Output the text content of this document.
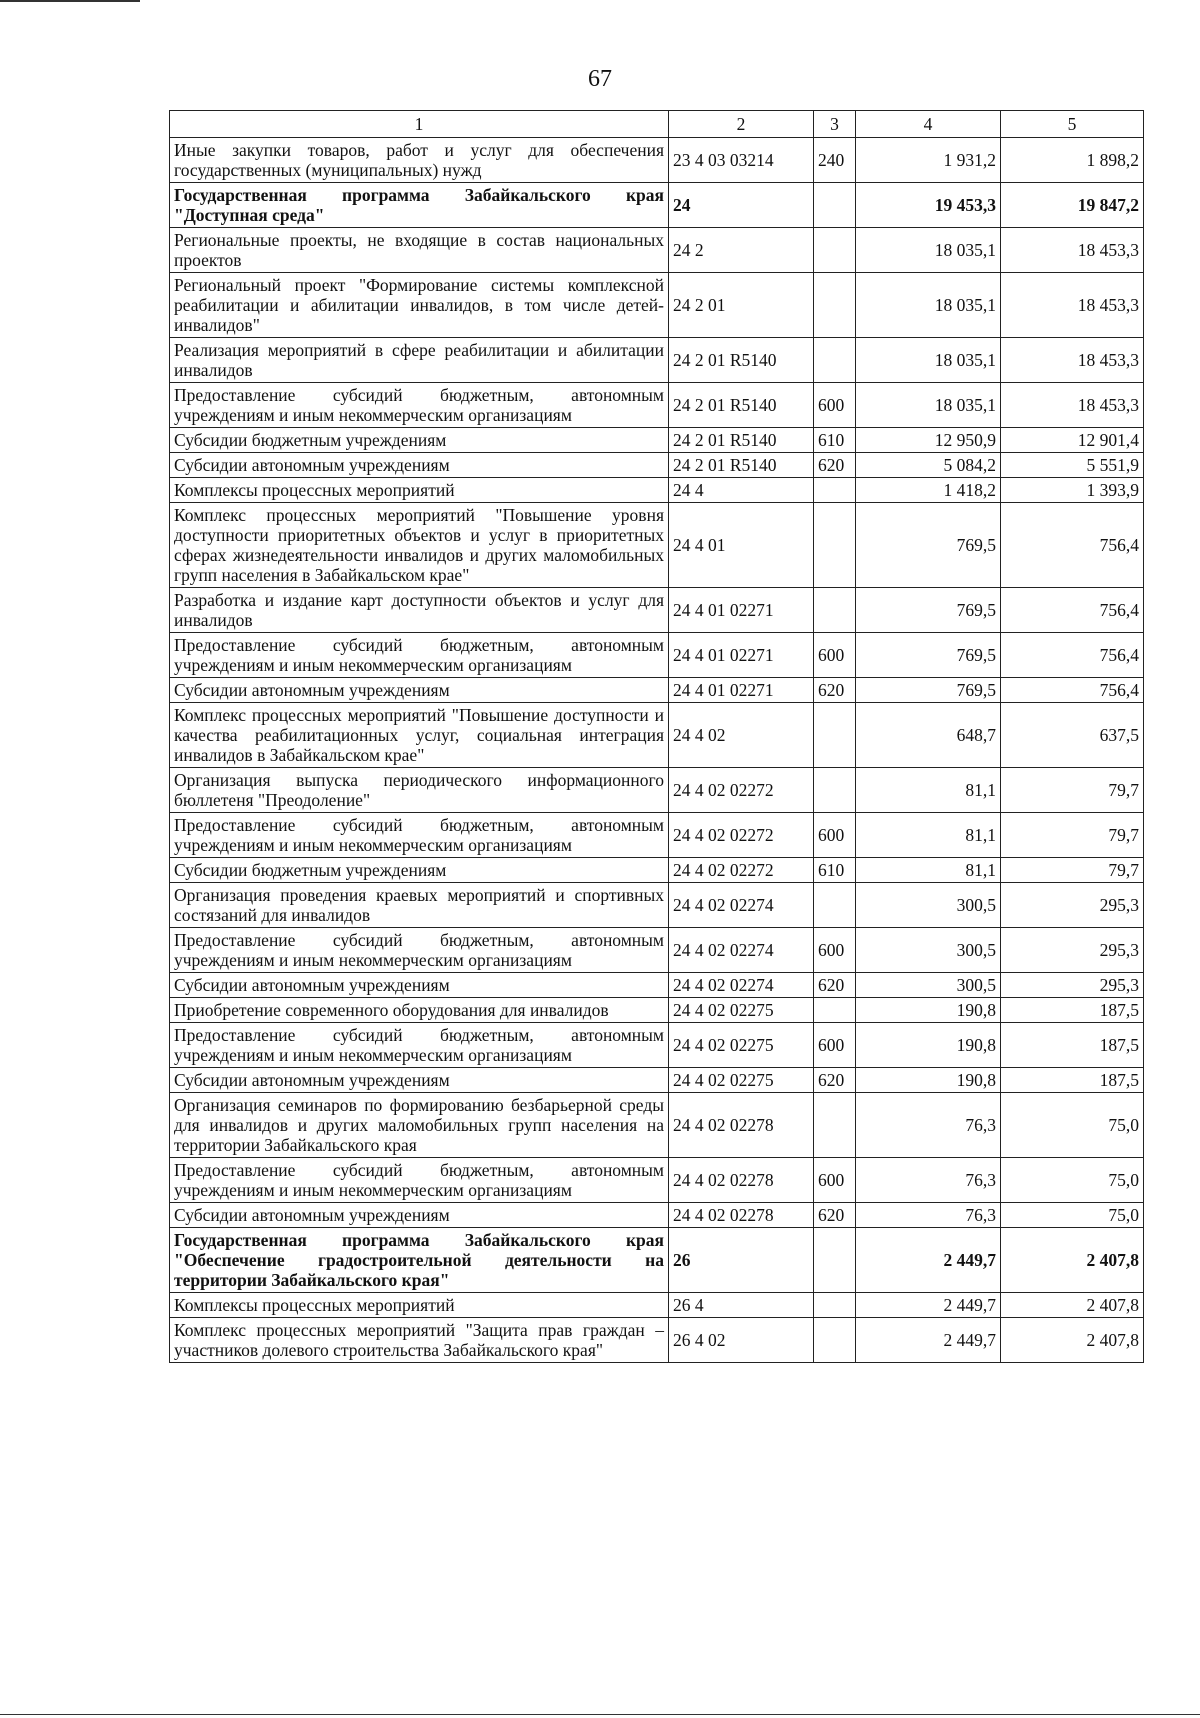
67
1	2	3	4	5
Иные закупки товаров, работ и услуг для обеспечения государственных (муниципальных) нужд	23 4 03 03214	240	1 931,2	1 898,2
Государственная программа Забайкальского края "Доступная среда"	24		19 453,3	19 847,2
Региональные проекты, не входящие в состав национальных проектов	24 2		18 035,1	18 453,3
Региональный проект "Формирование системы комплексной реабилитации и абилитации инвалидов, в том числе детей-инвалидов"	24 2 01		18 035,1	18 453,3
Реализация мероприятий в сфере реабилитации и абилитации инвалидов	24 2 01 R5140		18 035,1	18 453,3
Предоставление субсидий бюджетным, автономным учреждениям и иным некоммерческим организациям	24 2 01 R5140	600	18 035,1	18 453,3
Субсидии бюджетным учреждениям	24 2 01 R5140	610	12 950,9	12 901,4
Субсидии автономным учреждениям	24 2 01 R5140	620	5 084,2	5 551,9
Комплексы процессных мероприятий	24 4		1 418,2	1 393,9
Комплекс процессных мероприятий "Повышение уровня доступности приоритетных объектов и услуг в приоритетных сферах жизнедеятельности инвалидов и других маломобильных групп населения в Забайкальском крае"	24 4 01		769,5	756,4
Разработка и издание карт доступности объектов и услуг для инвалидов	24 4 01 02271		769,5	756,4
Предоставление субсидий бюджетным, автономным учреждениям и иным некоммерческим организациям	24 4 01 02271	600	769,5	756,4
Субсидии автономным учреждениям	24 4 01 02271	620	769,5	756,4
Комплекс процессных мероприятий "Повышение доступности и качества реабилитационных услуг, социальная интеграция инвалидов в Забайкальском крае"	24 4 02		648,7	637,5
Организация выпуска периодического информационного бюллетеня "Преодоление"	24 4 02 02272		81,1	79,7
Предоставление субсидий бюджетным, автономным учреждениям и иным некоммерческим организациям	24 4 02 02272	600	81,1	79,7
Субсидии бюджетным учреждениям	24 4 02 02272	610	81,1	79,7
Организация проведения краевых мероприятий и спортивных состязаний для инвалидов	24 4 02 02274		300,5	295,3
Предоставление субсидий бюджетным, автономным учреждениям и иным некоммерческим организациям	24 4 02 02274	600	300,5	295,3
Субсидии автономным учреждениям	24 4 02 02274	620	300,5	295,3
Приобретение современного оборудования для инвалидов	24 4 02 02275		190,8	187,5
Предоставление субсидий бюджетным, автономным учреждениям и иным некоммерческим организациям	24 4 02 02275	600	190,8	187,5
Субсидии автономным учреждениям	24 4 02 02275	620	190,8	187,5
Организация семинаров по формированию безбарьерной среды для инвалидов и других маломобильных групп населения на территории Забайкальского края	24 4 02 02278		76,3	75,0
Предоставление субсидий бюджетным, автономным учреждениям и иным некоммерческим организациям	24 4 02 02278	600	76,3	75,0
Субсидии автономным учреждениям	24 4 02 02278	620	76,3	75,0
Государственная программа Забайкальского края "Обеспечение градостроительной деятельности на территории Забайкальского края"	26		2 449,7	2 407,8
Комплексы процессных мероприятий	26 4		2 449,7	2 407,8
Комплекс процессных мероприятий "Защита прав граждан – участников долевого строительства Забайкальского края"	26 4 02		2 449,7	2 407,8
